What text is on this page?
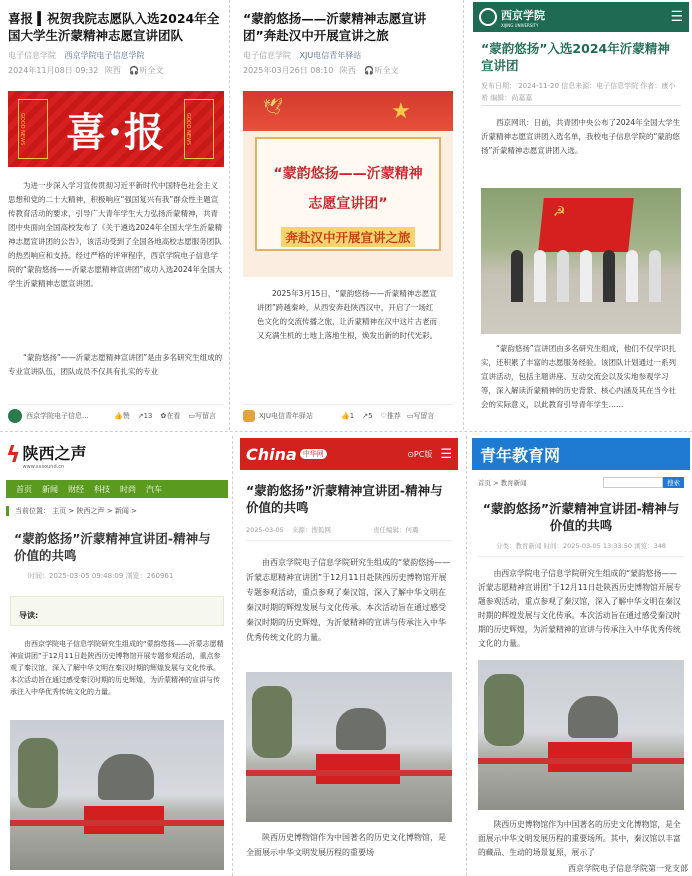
喜报 ▍祝贺我院志愿队入选2024年全国大学生沂蒙精神志愿宣讲团队
电子信息学院 西京学院电子信息学院
2024年11月08日 09:32 陕西 🎧听全文
GOOD NEWS	GOOD NEWS
喜·报
为进一步深入学习宣传贯彻习近平新时代中国特色社会主义思想和党的二十大精神，积极响应“强国复兴有我”群众性主题宣传教育活动的要求，引导广大青年学生大力弘扬沂蒙精神，共青团中央面向全国高校发布了《关于遴选2024年全国大学生沂蒙精神志愿宣讲团的公告》，该活动受到了全国各地高校志愿服务团队的热烈响应和支持。经过严格的评审程序，西京学院电子信息学院的“蒙韵悠扬——沂蒙志愿精神宣讲团”成功入选2024年全国大学生沂蒙精神志愿宣讲团。
“蒙韵悠扬”——沂蒙志愿精神宣讲团”是由多名研究生组成的专业宣讲队伍，团队成员不仅具有扎实的专业
西京学院电子信息...	👍 赞 ↗ 13 ✿ 在看 ▭ 写留言
“蒙韵悠扬——沂蒙精神志愿宣讲团”奔赴汉中开展宣讲之旅
电子信息学院 XJU电信青年驿站
2025年03月26日 08:10 陕西 🎧听全文
★
🕊
“蒙韵悠扬——沂蒙精神
志愿宣讲团”
奔赴汉中开展宣讲之旅
2025年3月15日，“蒙韵悠扬——沂蒙精神志愿宣讲团”跨越秦岭，从西安奔赴陕西汉中，开启了一场红色文化的交流传播之旅，让沂蒙精神在汉中这片古老而又充满生机的土地上落地生根，焕发出新的时代光彩。
XJU电信青年驿站	👍 1 ↗ 5 ♡ 推荐 ▭ 写留言
西京学院
XIJING UNIVERSITY	☰
“蒙韵悠扬”入选2024年沂蒙精神宣讲团
发布日期： 2024-11-20 信息来源：电子信息学院 作者：康小希 编辑：尚嘉嘉
西京网讯：日前，共青团中央公布了2024年全国大学生沂蒙精神志愿宣讲团入选名单，我校电子信息学院的“蒙韵悠扬”沂蒙精神志愿宣讲团入选。
☭
“蒙韵悠扬”宣讲团由多名研究生组成，他们不仅学识扎实，还积累了丰富的志愿服务经验。该团队计划通过一系列宣讲活动，包括主题讲座、互动交流会以及实地参观学习等，深入解读沂蒙精神的历史背景、核心内涵及其在当今社会的实际意义，以此教育引导青年学生……
ϟ 陕西之声
www.sxsound.cn
首页 新闻 财经 科技 时尚 汽车
当前位置： 主页 > 陕西之声 > 新闻 >
“蒙韵悠扬”沂蒙精神宣讲团-精神与价值的共鸣
时间：2025-03-05 09:48:09 浏览：260961
导读:
由西京学院电子信息学院研究生组成的“蒙韵悠扬——沂蒙志愿精神宣讲团”于12月11日赴陕西历史博物馆开展专题参观活动，重点参观了秦汉馆，深入了解中华文明在秦汉时期的辉煌发展与文化传承。本次活动旨在通过感受秦汉时期的历史辉煌，为沂蒙精神的宣讲与传承注入中华优秀传统文化的力量。
China 中华网	⊙PC版 ☰
“蒙韵悠扬”沂蒙精神宣讲团-精神与价值的共鸣
2025-03-05 来源：搜狐网	责任编辑：何璐
由西京学院电子信息学院研究生组成的“蒙韵悠扬——沂蒙志愿精神宣讲团”于12月11日赴陕西历史博物馆开展专题参观活动，重点参观了秦汉馆，深入了解中华文明在秦汉时期的辉煌发展与文化传承。本次活动旨在通过感受秦汉时期的历史辉煌，为沂蒙精神的宣讲与传承注入中华优秀传统文化的力量。
陕西历史博物馆作为中国著名的历史文化博物馆，是全面展示中华文明发展历程的重要场
青年教育网
首页 > 教育新闻	搜索
“蒙韵悠扬”沂蒙精神宣讲团-精神与价值的共鸣
分类：教育新闻 时间：2025-03-05 13:33:50 浏览：348
由西京学院电子信息学院研究生组成的“蒙韵悠扬——沂蒙志愿精神宣讲团”于12月11日赴陕西历史博物馆开展专题参观活动，重点参观了秦汉馆，深入了解中华文明在秦汉时期的辉煌发展与文化传承。本次活动旨在通过感受秦汉时期的历史辉煌，为沂蒙精神的宣讲与传承注入中华优秀传统文化的力量。
陕西历史博物馆作为中国著名的历史文化博物馆，是全面展示中华文明发展历程的重要场所。其中，秦汉馆以丰富的藏品、生动的场景复原，展示了
西京学院电子信息学院第一党支部
